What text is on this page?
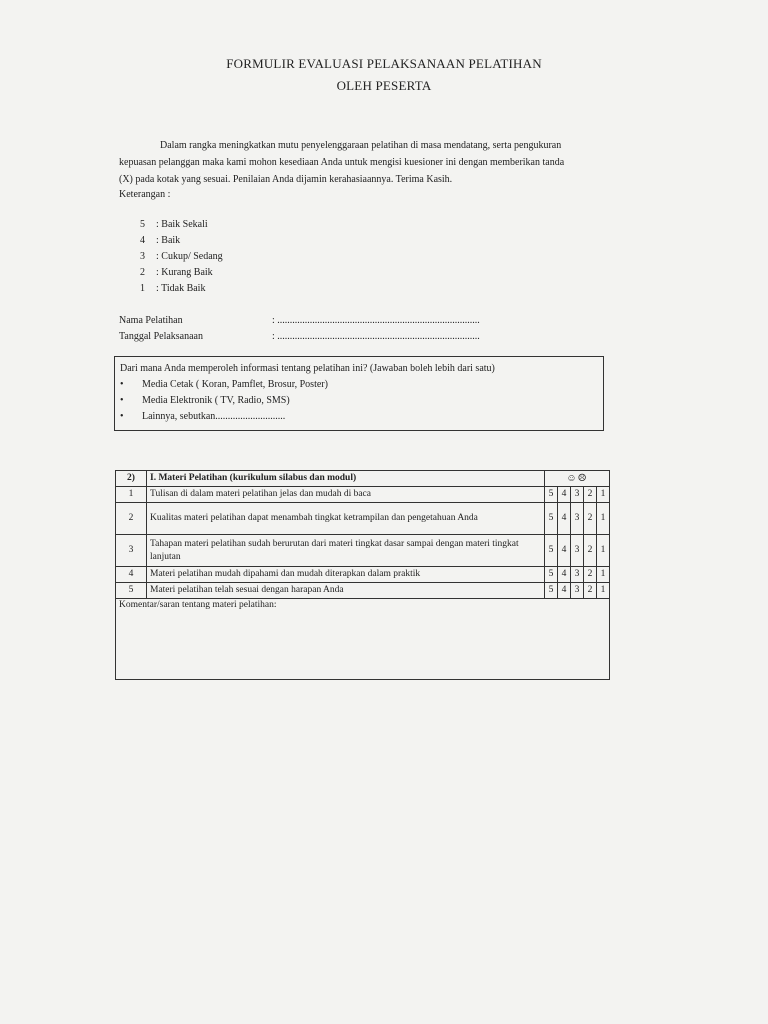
FORMULIR EVALUASI PELAKSANAAN PELATIHAN
OLEH PESERTA
Dalam rangka meningkatkan mutu penyelenggaraan pelatihan di masa mendatang, serta pengukuran
kepuasan pelanggan maka kami mohon kesediaan Anda untuk mengisi kuesioner ini dengan memberikan tanda
(X) pada kotak yang sesuai. Penilaian Anda dijamin kerahasiaannya. Terima Kasih.
Keterangan :
5 : Baik Sekali
4 : Baik
3 : Cukup/ Sedang
2 : Kurang Baik
1 : Tidak Baik
Nama Pelatihan	: .................................................................................
Tanggal Pelaksanaan	: .................................................................................
Dari mana Anda memperoleh informasi tentang pelatihan ini? (Jawaban boleh lebih dari satu)
• Media Cetak ( Koran, Pamflet, Brosur, Poster)
• Media Elektronik ( TV, Radio, SMS)
• Lainnya, sebutkan............................
2)	I. Materi Pelatihan (kurikulum silabus dan modul)	☺☹				
1	Tulisan di dalam materi pelatihan jelas dan mudah di baca	5	4	3	2	1
2	Kualitas materi pelatihan dapat menambah tingkat ketrampilan dan pengetahuan Anda	5	4	3	2	1
3	Tahapan materi pelatihan sudah berurutan dari materi tingkat dasar sampai dengan materi tingkat lanjutan	5	4	3	2	1
4	Materi pelatihan mudah dipahami dan mudah diterapkan dalam praktik	5	4	3	2	1
5	Materi pelatihan telah sesuai dengan harapan Anda	5	4	3	2	1
Komentar/saran tentang materi pelatihan:						
